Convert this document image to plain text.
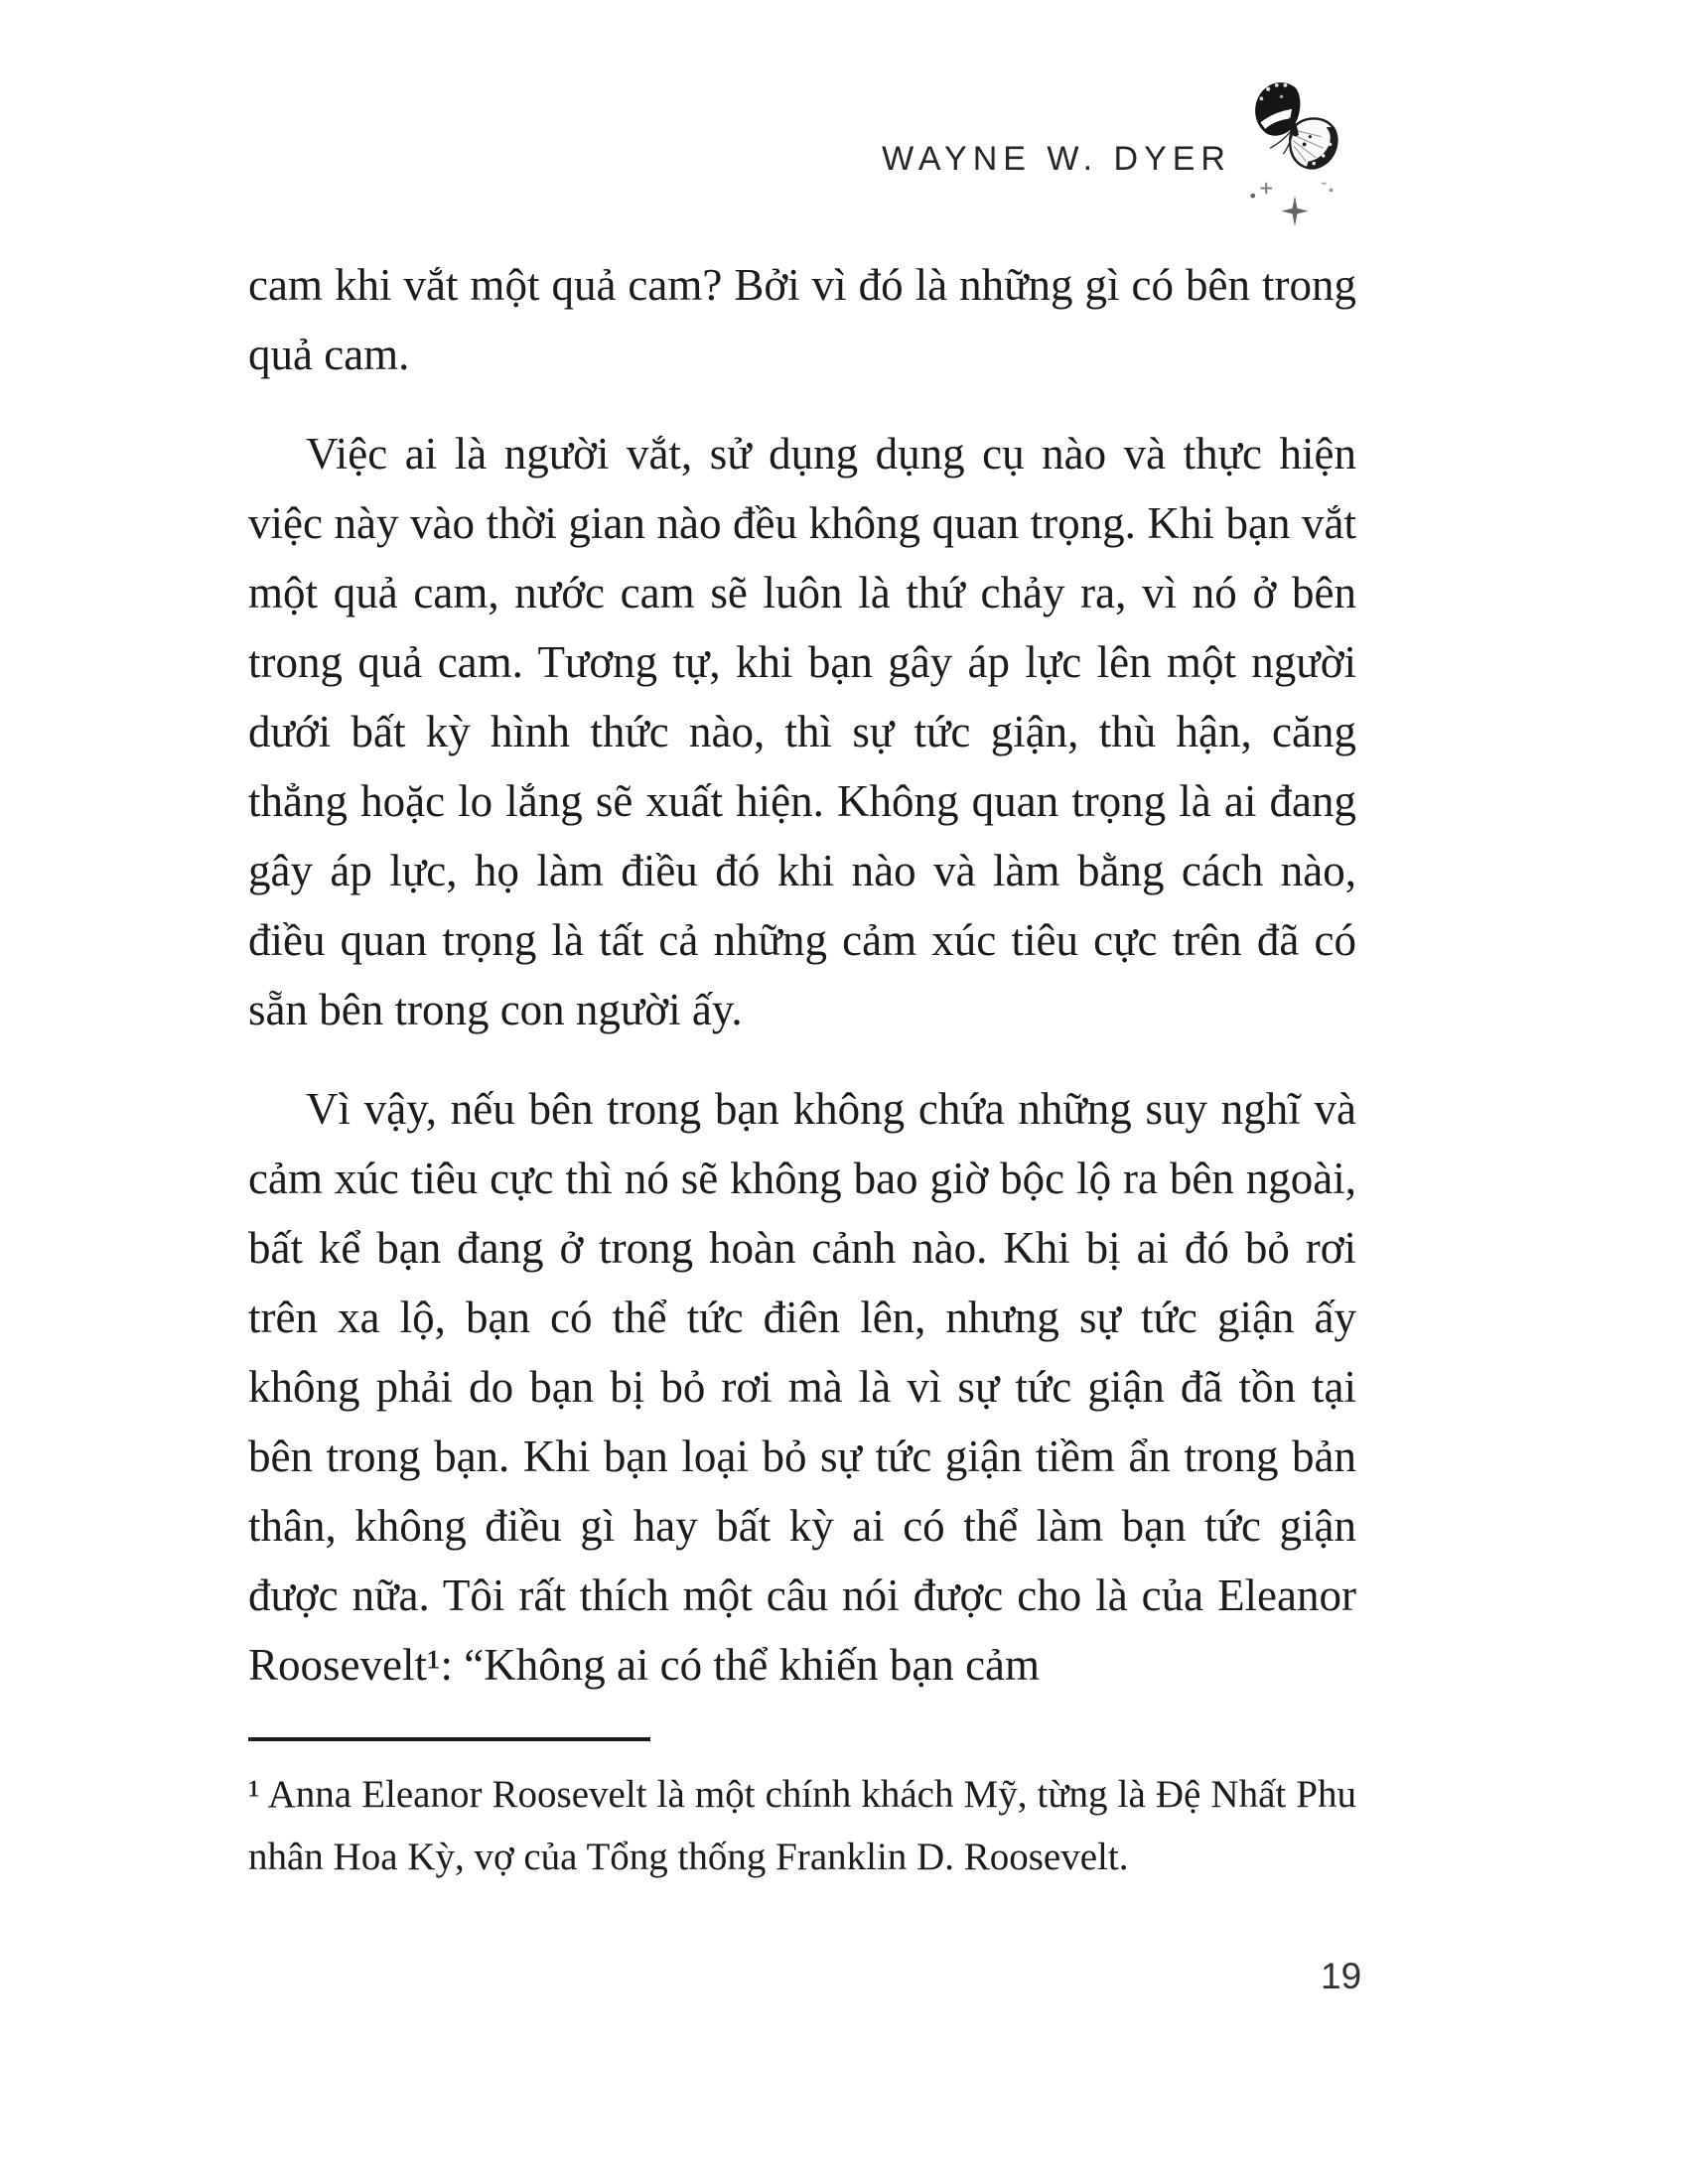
WAYNE W. DYER

cam khi vắt một quả cam? Bởi vì đó là những gì có bên trong quả cam.

Việc ai là người vắt, sử dụng dụng cụ nào và thực hiện việc này vào thời gian nào đều không quan trọng. Khi bạn vắt một quả cam, nước cam sẽ luôn là thứ chảy ra, vì nó ở bên trong quả cam. Tương tự, khi bạn gây áp lực lên một người dưới bất kỳ hình thức nào, thì sự tức giận, thù hận, căng thẳng hoặc lo lắng sẽ xuất hiện. Không quan trọng là ai đang gây áp lực, họ làm điều đó khi nào và làm bằng cách nào, điều quan trọng là tất cả những cảm xúc tiêu cực trên đã có sẵn bên trong con người ấy.

Vì vậy, nếu bên trong bạn không chứa những suy nghĩ và cảm xúc tiêu cực thì nó sẽ không bao giờ bộc lộ ra bên ngoài, bất kể bạn đang ở trong hoàn cảnh nào. Khi bị ai đó bỏ rơi trên xa lộ, bạn có thể tức điên lên, nhưng sự tức giận ấy không phải do bạn bị bỏ rơi mà là vì sự tức giận đã tồn tại bên trong bạn. Khi bạn loại bỏ sự tức giận tiềm ẩn trong bản thân, không điều gì hay bất kỳ ai có thể làm bạn tức giận được nữa. Tôi rất thích một câu nói được cho là của Eleanor Roosevelt¹: “Không ai có thể khiến bạn cảm

¹ Anna Eleanor Roosevelt là một chính khách Mỹ, từng là Đệ Nhất Phu nhân Hoa Kỳ, vợ của Tổng thống Franklin D. Roosevelt.

19
